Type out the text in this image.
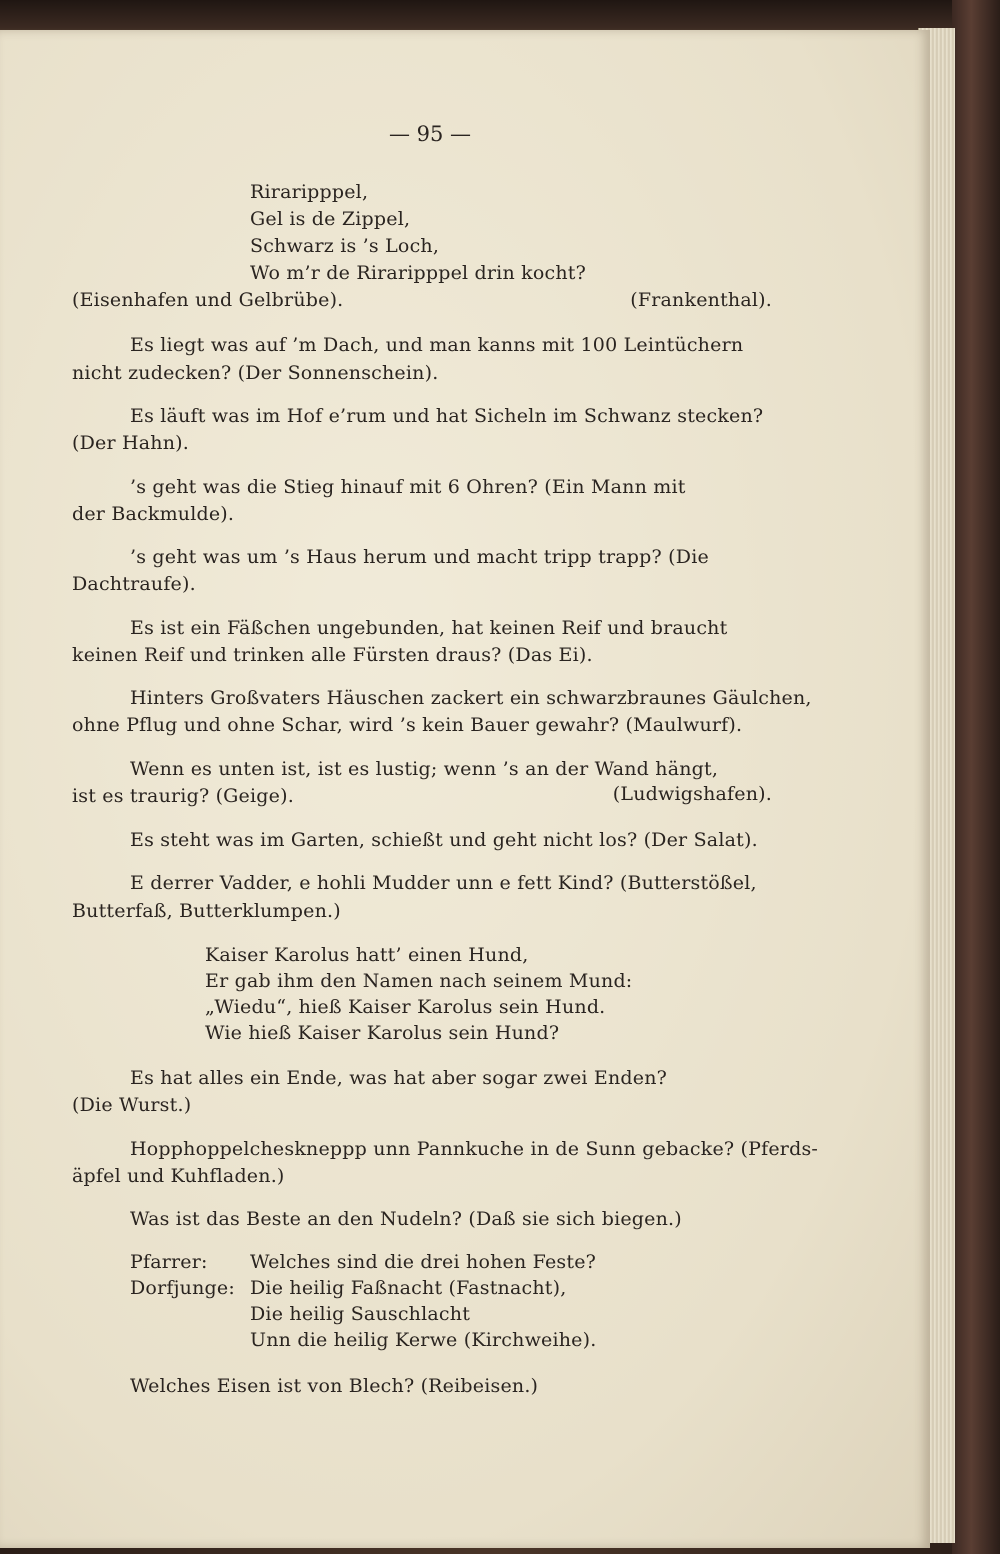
— 95 —
Riraripppel,
Gel is de Zippel,
Schwarz is ’s Loch,
Wo m’r de Riraripppel drin kocht?
(Eisenhafen und Gelbrübe).	(Frankenthal).
Es liegt was auf ’m Dach, und man kanns mit 100 Leintüchern
nicht zudecken? (Der Sonnenschein).
Es läuft was im Hof e’rum und hat Sicheln im Schwanz stecken?
(Der Hahn).
’s geht was die Stieg hinauf mit 6 Ohren? (Ein Mann mit
der Backmulde).
’s geht was um ’s Haus herum und macht tripp trapp? (Die
Dachtraufe).
Es ist ein Fäßchen ungebunden, hat keinen Reif und braucht
keinen Reif und trinken alle Fürsten draus? (Das Ei).
Hinters Großvaters Häuschen zackert ein schwarzbraunes Gäulchen,
ohne Pflug und ohne Schar, wird ’s kein Bauer gewahr? (Maulwurf).
Wenn es unten ist, ist es lustig; wenn ’s an der Wand hängt,
ist es traurig? (Geige).	(Ludwigshafen).
Es steht was im Garten, schießt und geht nicht los? (Der Salat).
E derrer Vadder, e hohli Mudder unn e fett Kind? (Butterstößel,
Butterfaß, Butterklumpen.)
Kaiser Karolus hatt’ einen Hund,
Er gab ihm den Namen nach seinem Mund:
„Wiedu“, hieß Kaiser Karolus sein Hund.
Wie hieß Kaiser Karolus sein Hund?
Es hat alles ein Ende, was hat aber sogar zwei Enden?
(Die Wurst.)
Hopphoppelcheskneppp unn Pannkuche in de Sunn gebacke? (Pferds-
äpfel und Kuhfladen.)
Was ist das Beste an den Nudeln? (Daß sie sich biegen.)
Pfarrer: Welches sind die drei hohen Feste?
Dorfjunge: Die heilig Faßnacht (Fastnacht),
Die heilig Sauschlacht
Unn die heilig Kerwe (Kirchweihe).
Welches Eisen ist von Blech? (Reibeisen.)
